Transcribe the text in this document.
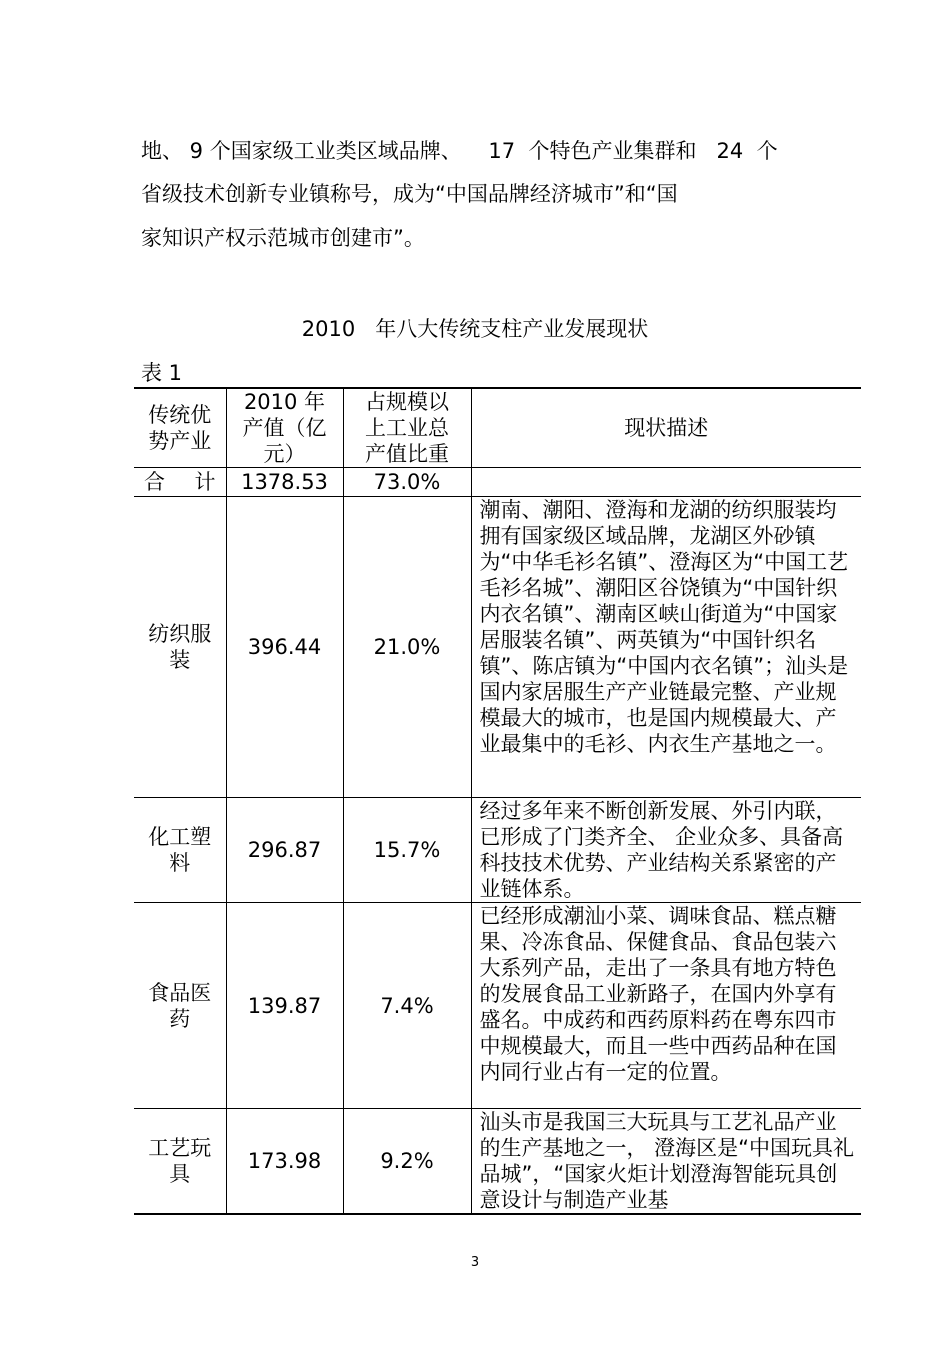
地、 9 个国家级工业类区域品牌、    17  个特色产业集群和   24  个
省级技术创新专业镇称号，成为“中国品牌经济城市”和“国
家知识产权示范城市创建市”。
2010   年八大传统支柱产业发展现状
表 1
传统优势产业	2010 年产值（亿元）	占规模以上工业总产值比重	现状描述
合计	1378.53	73.0%	
纺织服装	396.44	21.0%	潮南、潮阳、澄海和龙湖的纺织服装均拥有国家级区域品牌，龙湖区外砂镇为“中华毛衫名镇”、澄海区为“中国工艺毛衫名城”、潮阳区谷饶镇为“中国针织内衣名镇”、潮南区峡山街道为“中国家居服装名镇”、两英镇为“中国针织名镇”、陈店镇为“中国内衣名镇”；汕头是国内家居服生产产业链最完整、产业规模最大的城市，也是国内规模最大、产业最集中的毛衫、内衣生产基地之一。
化工塑料	296.87	15.7%	经过多年来不断创新发展、外引内联，已形成了门类齐全、 企业众多、具备高科技技术优势、产业结构关系紧密的产业链体系。
食品医药	139.87	7.4%	已经形成潮汕小菜、调味食品、糕点糖果、冷冻食品、保健食品、食品包装六大系列产品，走出了一条具有地方特色的发展食品工业新路子，在国内外享有盛名。中成药和西药原料药在粤东四市中规模最大，而且一些中西药品种在国内同行业占有一定的位置。
工艺玩具	173.98	9.2%	汕头市是我国三大玩具与工艺礼品产业的生产基地之一， 澄海区是“中国玩具礼品城”，“国家火炬计划澄海智能玩具创意设计与制造产业基
3
